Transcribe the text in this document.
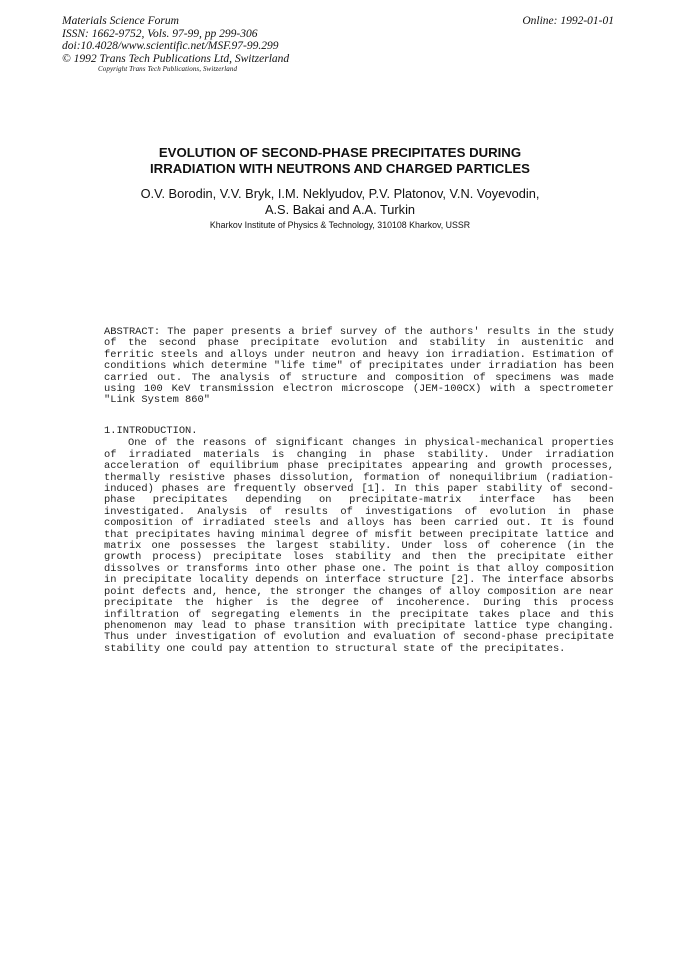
Materials Science Forum
ISSN: 1662-9752, Vols. 97-99, pp 299-306
doi:10.4028/www.scientific.net/MSF.97-99.299
© 1992 Trans Tech Publications Ltd, Switzerland
Copyright Trans Tech Publications, Switzerland
Online: 1992-01-01
EVOLUTION OF SECOND-PHASE PRECIPITATES DURING
IRRADIATION WITH NEUTRONS AND CHARGED PARTICLES
O.V. Borodin, V.V. Bryk, I.M. Neklyudov, P.V. Platonov, V.N. Voyevodin,
A.S. Bakai and A.A. Turkin
Kharkov Institute of Physics & Technology, 310108 Kharkov, USSR

ABSTRACT: The paper presents a brief survey of the authors' results in the study of the second phase precipitate evolution and stability in austenitic and ferritic steels and alloys under neutron and heavy ion irradiation. Estimation of conditions which determine "life time" of precipitates under irradiation has been carried out. The analysis of structure and composition of specimens was made using 100 KeV transmission electron microscope (JEM-100CX) with a spectrometer "Link System 860"

1.INTRODUCTION.

One of the reasons of significant changes in physical-mechanical properties of irradiated materials is changing in phase stability. Under irradiation acceleration of equilibrium phase precipitates appearing and growth processes, thermally resistive phases dissolution, formation of nonequilibrium (radiation-induced) phases are frequently observed [1]. In this paper stability of second-phase precipitates depending on precipitate-matrix interface has been investigated. Analysis of results of investigations of evolution in phase composition of irradiated steels and alloys has been carried out. It is found that precipitates having minimal degree of misfit between precipitate lattice and matrix one possesses the largest stability. Under loss of coherence (in the growth process) precipitate loses stability and then the precipitate either dissolves or transforms into other phase one. The point is that alloy composition in precipitate locality depends on interface structure [2]. The interface absorbs point defects and, hence, the stronger the changes of alloy composition are near precipitate the higher is the degree of incoherence. During this process infiltration of segregating elements in the precipitate takes place and this phenomenon may lead to phase transition with precipitate lattice type changing. Thus under investigation of evolution and evaluation of second-phase precipitate stability one could pay attention to structural state of the precipitates.
